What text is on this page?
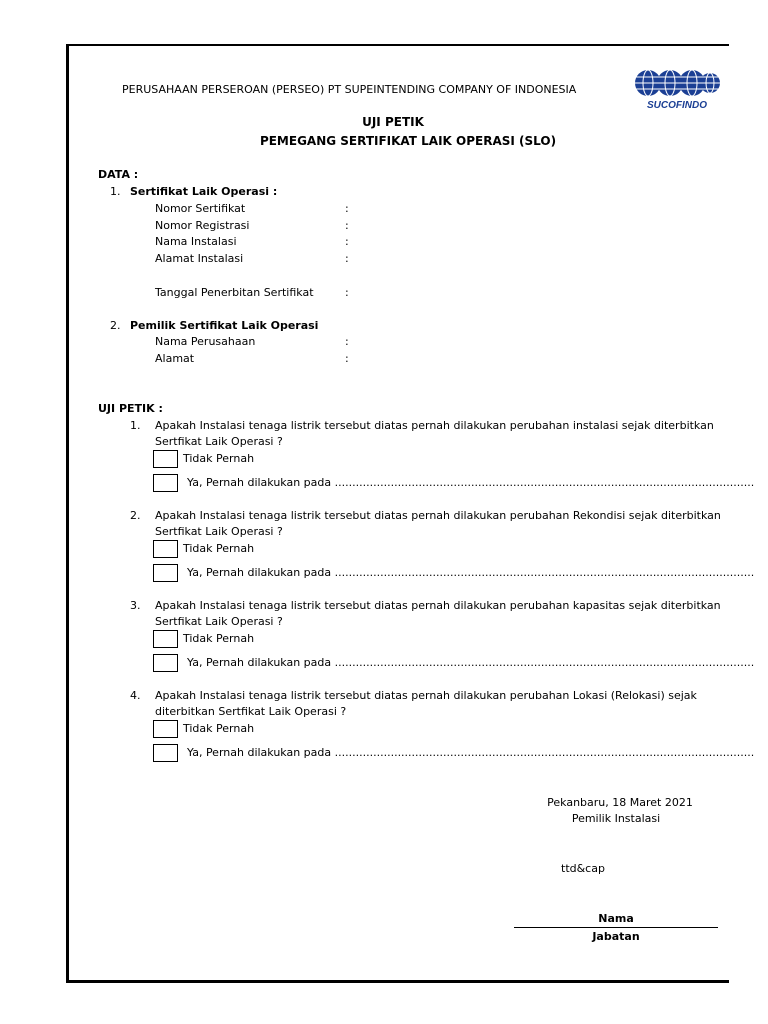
PERUSAHAAN PERSEROAN (PERSEO) PT SUPEINTENDING COMPANY OF INDONESIA
SUCOFINDO
UJI PETIK
PEMEGANG SERTIFIKAT LAIK OPERASI (SLO)
DATA :
1. Sertifikat Laik Operasi :
Nomor Sertifikat	:
Nomor Registrasi	:
Nama Instalasi	:
Alamat Instalasi	:
Tanggal Penerbitan Sertifikat	:
2. Pemilik Sertifikat Laik Operasi
Nama Perusahaan	:
Alamat	:
UJI PETIK :
1. Apakah Instalasi tenaga listrik tersebut diatas pernah dilakukan perubahan instalasi sejak diterbitkan
Sertfikat Laik Operasi ?
Tidak Pernah
Ya, Pernah dilakukan pada ........................................................................................................................
2. Apakah Instalasi tenaga listrik tersebut diatas pernah dilakukan perubahan Rekondisi sejak diterbitkan
Sertfikat Laik Operasi ?
Tidak Pernah
Ya, Pernah dilakukan pada ........................................................................................................................
3. Apakah Instalasi tenaga listrik tersebut diatas pernah dilakukan perubahan kapasitas sejak diterbitkan
Sertfikat Laik Operasi ?
Tidak Pernah
Ya, Pernah dilakukan pada ........................................................................................................................
4. Apakah Instalasi tenaga listrik tersebut diatas pernah dilakukan perubahan Lokasi (Relokasi) sejak
diterbitkan Sertfikat Laik Operasi ?
Tidak Pernah
Ya, Pernah dilakukan pada ........................................................................................................................
Pekanbaru, 18 Maret 2021
Pemilik Instalasi
ttd&cap
Nama
Jabatan
